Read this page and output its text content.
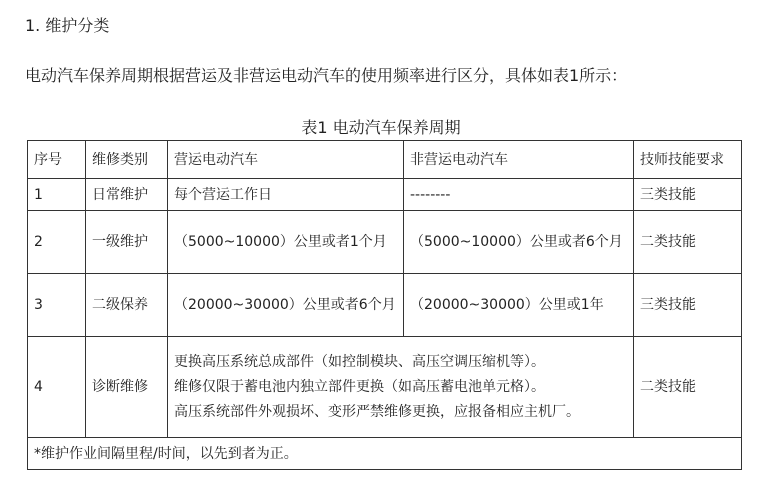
1. 维护分类
电动汽车保养周期根据营运及非营运电动汽车的使用频率进行区分，具体如表1所示：
表1 电动汽车保养周期
序号	维修类别	营运电动汽车	非营运电动汽车	技师技能要求
1	日常维护	每个营运工作日	--------	三类技能
2	一级维护	（5000~10000）公里或者1个月	（5000~10000）公里或者6个月	二类技能
3	二级保养	（20000~30000）公里或者6个月	（20000~30000）公里或1年	三类技能
4	诊断维修	更换高压系统总成部件（如控制模块、高压空调压缩机等）。
维修仅限于蓄电池内独立部件更换（如高压蓄电池单元格）。
高压系统部件外观损坏、变形严禁维修更换，应报备相应主机厂。		二类技能
*维护作业间隔里程/时间，以先到者为正。				
